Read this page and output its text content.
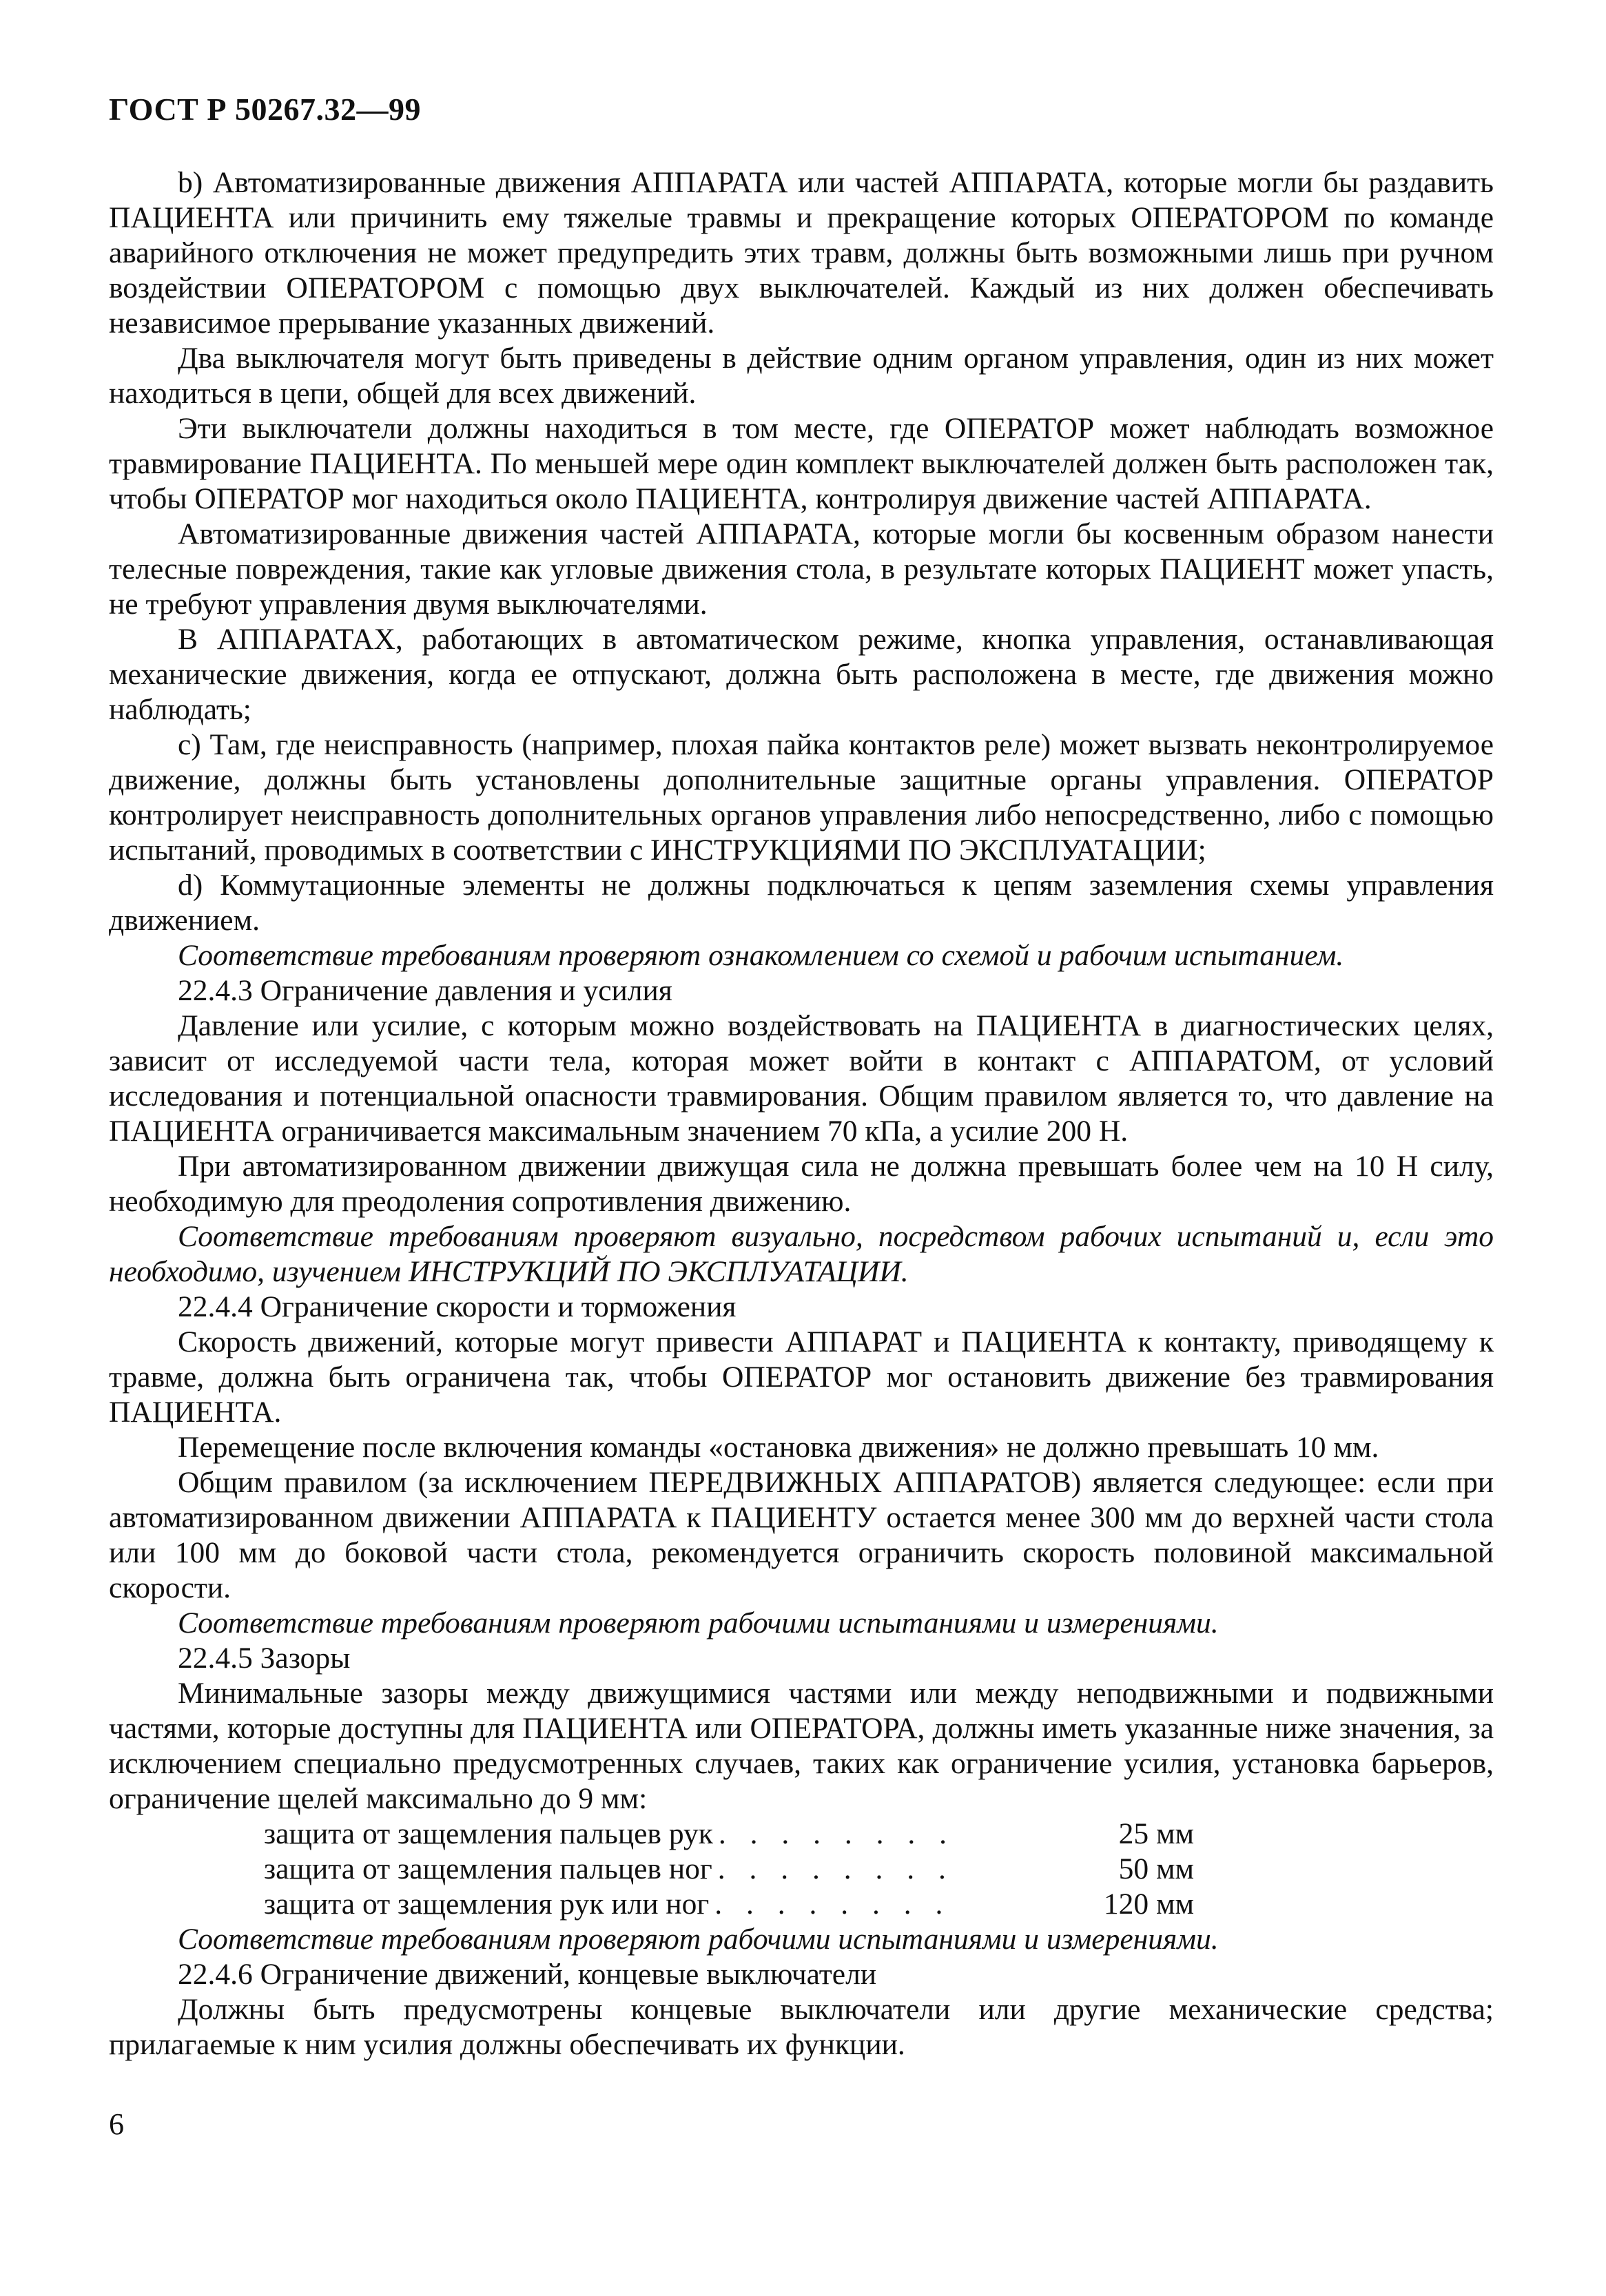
ГОСТ Р 50267.32—99

b) Автоматизированные движения АППАРАТА или частей АППАРАТА, которые могли бы раздавить ПАЦИЕНТА или причинить ему тяжелые травмы и прекращение которых ОПЕРАТОРОМ по команде аварийного отключения не может предупредить этих травм, должны быть возможными лишь при ручном воздействии ОПЕРАТОРОМ с помощью двух выключателей. Каждый из них должен обеспечивать независимое прерывание указанных движений.

Два выключателя могут быть приведены в действие одним органом управления, один из них может находиться в цепи, общей для всех движений.

Эти выключатели должны находиться в том месте, где ОПЕРАТОР может наблюдать возможное травмирование ПАЦИЕНТА. По меньшей мере один комплект выключателей должен быть расположен так, чтобы ОПЕРАТОР мог находиться около ПАЦИЕНТА, контролируя движение частей АППАРАТА.

Автоматизированные движения частей АППАРАТА, которые могли бы косвенным образом нанести телесные повреждения, такие как угловые движения стола, в результате которых ПАЦИЕНТ может упасть, не требуют управления двумя выключателями.

В АППАРАТАХ, работающих в автоматическом режиме, кнопка управления, останавливающая механические движения, когда ее отпускают, должна быть расположена в месте, где движения можно наблюдать;

c) Там, где неисправность (например, плохая пайка контактов реле) может вызвать неконтролируемое движение, должны быть установлены дополнительные защитные органы управления. ОПЕРАТОР контролирует неисправность дополнительных органов управления либо непосредственно, либо с помощью испытаний, проводимых в соответствии с ИНСТРУКЦИЯМИ ПО ЭКСПЛУАТАЦИИ;

d) Коммутационные элементы не должны подключаться к цепям заземления схемы управления движением.

Соответствие требованиям проверяют ознакомлением со схемой и рабочим испытанием.

22.4.3 Ограничение давления и усилия

Давление или усилие, с которым можно воздействовать на ПАЦИЕНТА в диагностических целях, зависит от исследуемой части тела, которая может войти в контакт с АППАРАТОМ, от условий исследования и потенциальной опасности травмирования. Общим правилом является то, что давление на ПАЦИЕНТА ограничивается максимальным значением 70 кПа, а усилие 200 Н.

При автоматизированном движении движущая сила не должна превышать более чем на 10 Н силу, необходимую для преодоления сопротивления движению.

Соответствие требованиям проверяют визуально, посредством рабочих испытаний и, если это необходимо, изучением ИНСТРУКЦИЙ ПО ЭКСПЛУАТАЦИИ.

22.4.4 Ограничение скорости и торможения

Скорость движений, которые могут привести АППАРАТ и ПАЦИЕНТА к контакту, приводящему к травме, должна быть ограничена так, чтобы ОПЕРАТОР мог остановить движение без травмирования ПАЦИЕНТА.

Перемещение после включения команды «остановка движения» не должно превышать 10 мм.

Общим правилом (за исключением ПЕРЕДВИЖНЫХ АППАРАТОВ) является следующее: если при автоматизированном движении АППАРАТА к ПАЦИЕНТУ остается менее 300 мм до верхней части стола или 100 мм до боковой части стола, рекомендуется ограничить скорость половиной максимальной скорости.

Соответствие требованиям проверяют рабочими испытаниями и измерениями.

22.4.5 Зазоры

Минимальные зазоры между движущимися частями или между неподвижными и подвижными частями, которые доступны для ПАЦИЕНТА или ОПЕРАТОРА, должны иметь указанные ниже значения, за исключением специально предусмотренных случаев, таких как ограничение усилия, установка барьеров, ограничение щелей максимально до 9 мм:

защита от защемления пальцев рук . . . . . . . .	25 мм
защита от защемления пальцев ног . . . . . . . .	50 мм
защита от защемления рук или ног . . . . . . . .	120 мм

Соответствие требованиям проверяют рабочими испытаниями и измерениями.

22.4.6 Ограничение движений, концевые выключатели

Должны быть предусмотрены концевые выключатели или другие механические средства; прилагаемые к ним усилия должны обеспечивать их функции.

6
